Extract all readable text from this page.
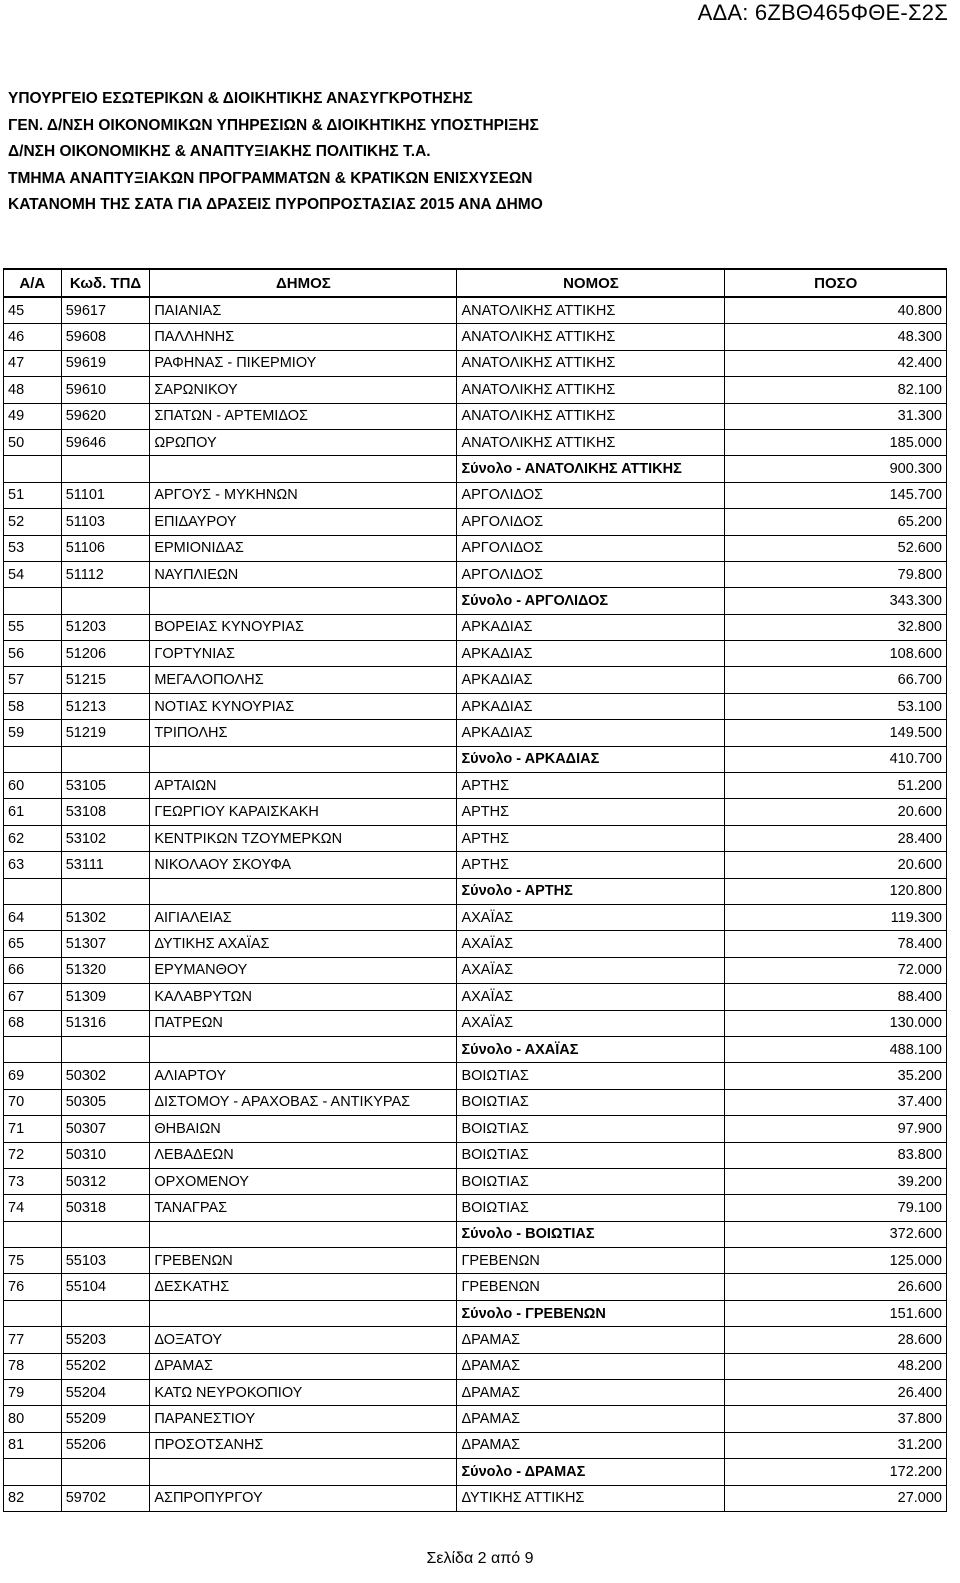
ΑΔΑ: 6ΖΒΘ465ΦΘΕ-Σ2Σ
ΥΠΟΥΡΓΕΙΟ ΕΣΩΤΕΡΙΚΩΝ & ΔΙΟΙΚΗΤΙΚΗΣ ΑΝΑΣΥΓΚΡΟΤΗΣΗΣ
ΓΕΝ. Δ/ΝΣΗ ΟΙΚΟΝΟΜΙΚΩΝ ΥΠΗΡΕΣΙΩΝ & ΔΙΟΙΚΗΤΙΚΗΣ ΥΠΟΣΤΗΡΙΞΗΣ
Δ/ΝΣΗ ΟΙΚΟΝΟΜΙΚΗΣ & ΑΝΑΠΤΥΞΙΑΚΗΣ ΠΟΛΙΤΙΚΗΣ Τ.Α.
ΤΜΗΜΑ ΑΝΑΠΤΥΞΙΑΚΩΝ ΠΡΟΓΡΑΜΜΑΤΩΝ & ΚΡΑΤΙΚΩΝ ΕΝΙΣΧΥΣΕΩΝ
ΚΑΤΑΝΟΜΗ ΤΗΣ ΣΑΤΑ ΓΙΑ ΔΡΑΣΕΙΣ ΠΥΡΟΠΡΟΣΤΑΣΙΑΣ 2015 ΑΝΑ ΔΗΜΟ
Α/Α	Κωδ. ΤΠΔ	ΔΗΜΟΣ	ΝΟΜΟΣ	ΠΟΣΟ
45	59617	ΠΑΙΑΝΙΑΣ	ΑΝΑΤΟΛΙΚΗΣ ΑΤΤΙΚΗΣ	40.800
46	59608	ΠΑΛΛΗΝΗΣ	ΑΝΑΤΟΛΙΚΗΣ ΑΤΤΙΚΗΣ	48.300
47	59619	ΡΑΦΗΝΑΣ - ΠΙΚΕΡΜΙΟΥ	ΑΝΑΤΟΛΙΚΗΣ ΑΤΤΙΚΗΣ	42.400
48	59610	ΣΑΡΩΝΙΚΟΥ	ΑΝΑΤΟΛΙΚΗΣ ΑΤΤΙΚΗΣ	82.100
49	59620	ΣΠΑΤΩΝ - ΑΡΤΕΜΙΔΟΣ	ΑΝΑΤΟΛΙΚΗΣ ΑΤΤΙΚΗΣ	31.300
50	59646	ΩΡΩΠΟΥ	ΑΝΑΤΟΛΙΚΗΣ ΑΤΤΙΚΗΣ	185.000
			Σύνολο - ΑΝΑΤΟΛΙΚΗΣ ΑΤΤΙΚΗΣ	900.300
51	51101	ΑΡΓΟΥΣ - ΜΥΚΗΝΩΝ	ΑΡΓΟΛΙΔΟΣ	145.700
52	51103	ΕΠΙΔΑΥΡΟΥ	ΑΡΓΟΛΙΔΟΣ	65.200
53	51106	ΕΡΜΙΟΝΙΔΑΣ	ΑΡΓΟΛΙΔΟΣ	52.600
54	51112	ΝΑΥΠΛΙΕΩΝ	ΑΡΓΟΛΙΔΟΣ	79.800
			Σύνολο - ΑΡΓΟΛΙΔΟΣ	343.300
55	51203	ΒΟΡΕΙΑΣ ΚΥΝΟΥΡΙΑΣ	ΑΡΚΑΔΙΑΣ	32.800
56	51206	ΓΟΡΤΥΝΙΑΣ	ΑΡΚΑΔΙΑΣ	108.600
57	51215	ΜΕΓΑΛΟΠΟΛΗΣ	ΑΡΚΑΔΙΑΣ	66.700
58	51213	ΝΟΤΙΑΣ ΚΥΝΟΥΡΙΑΣ	ΑΡΚΑΔΙΑΣ	53.100
59	51219	ΤΡΙΠΟΛΗΣ	ΑΡΚΑΔΙΑΣ	149.500
			Σύνολο - ΑΡΚΑΔΙΑΣ	410.700
60	53105	ΑΡΤΑΙΩΝ	ΑΡΤΗΣ	51.200
61	53108	ΓΕΩΡΓΙΟΥ ΚΑΡΑΙΣΚΑΚΗ	ΑΡΤΗΣ	20.600
62	53102	ΚΕΝΤΡΙΚΩΝ ΤΖΟΥΜΕΡΚΩΝ	ΑΡΤΗΣ	28.400
63	53111	ΝΙΚΟΛΑΟΥ ΣΚΟΥΦΑ	ΑΡΤΗΣ	20.600
			Σύνολο - ΑΡΤΗΣ	120.800
64	51302	ΑΙΓΙΑΛΕΙΑΣ	ΑΧΑΪΑΣ	119.300
65	51307	ΔΥΤΙΚΗΣ ΑΧΑΪΑΣ	ΑΧΑΪΑΣ	78.400
66	51320	ΕΡΥΜΑΝΘΟΥ	ΑΧΑΪΑΣ	72.000
67	51309	ΚΑΛΑΒΡΥΤΩΝ	ΑΧΑΪΑΣ	88.400
68	51316	ΠΑΤΡΕΩΝ	ΑΧΑΪΑΣ	130.000
			Σύνολο - ΑΧΑΪΑΣ	488.100
69	50302	ΑΛΙΑΡΤΟΥ	ΒΟΙΩΤΙΑΣ	35.200
70	50305	ΔΙΣΤΟΜΟΥ - ΑΡΑΧΟΒΑΣ - ΑΝΤΙΚΥΡΑΣ	ΒΟΙΩΤΙΑΣ	37.400
71	50307	ΘΗΒΑΙΩΝ	ΒΟΙΩΤΙΑΣ	97.900
72	50310	ΛΕΒΑΔΕΩΝ	ΒΟΙΩΤΙΑΣ	83.800
73	50312	ΟΡΧΟΜΕΝΟΥ	ΒΟΙΩΤΙΑΣ	39.200
74	50318	ΤΑΝΑΓΡΑΣ	ΒΟΙΩΤΙΑΣ	79.100
			Σύνολο - ΒΟΙΩΤΙΑΣ	372.600
75	55103	ΓΡΕΒΕΝΩΝ	ΓΡΕΒΕΝΩΝ	125.000
76	55104	ΔΕΣΚΑΤΗΣ	ΓΡΕΒΕΝΩΝ	26.600
			Σύνολο - ΓΡΕΒΕΝΩΝ	151.600
77	55203	ΔΟΞΑΤΟΥ	ΔΡΑΜΑΣ	28.600
78	55202	ΔΡΑΜΑΣ	ΔΡΑΜΑΣ	48.200
79	55204	ΚΑΤΩ ΝΕΥΡΟΚΟΠΙΟΥ	ΔΡΑΜΑΣ	26.400
80	55209	ΠΑΡΑΝΕΣΤΙΟΥ	ΔΡΑΜΑΣ	37.800
81	55206	ΠΡΟΣΟΤΣΑΝΗΣ	ΔΡΑΜΑΣ	31.200
			Σύνολο - ΔΡΑΜΑΣ	172.200
82	59702	ΑΣΠΡΟΠΥΡΓΟΥ	ΔΥΤΙΚΗΣ ΑΤΤΙΚΗΣ	27.000
Σελίδα 2 από 9
